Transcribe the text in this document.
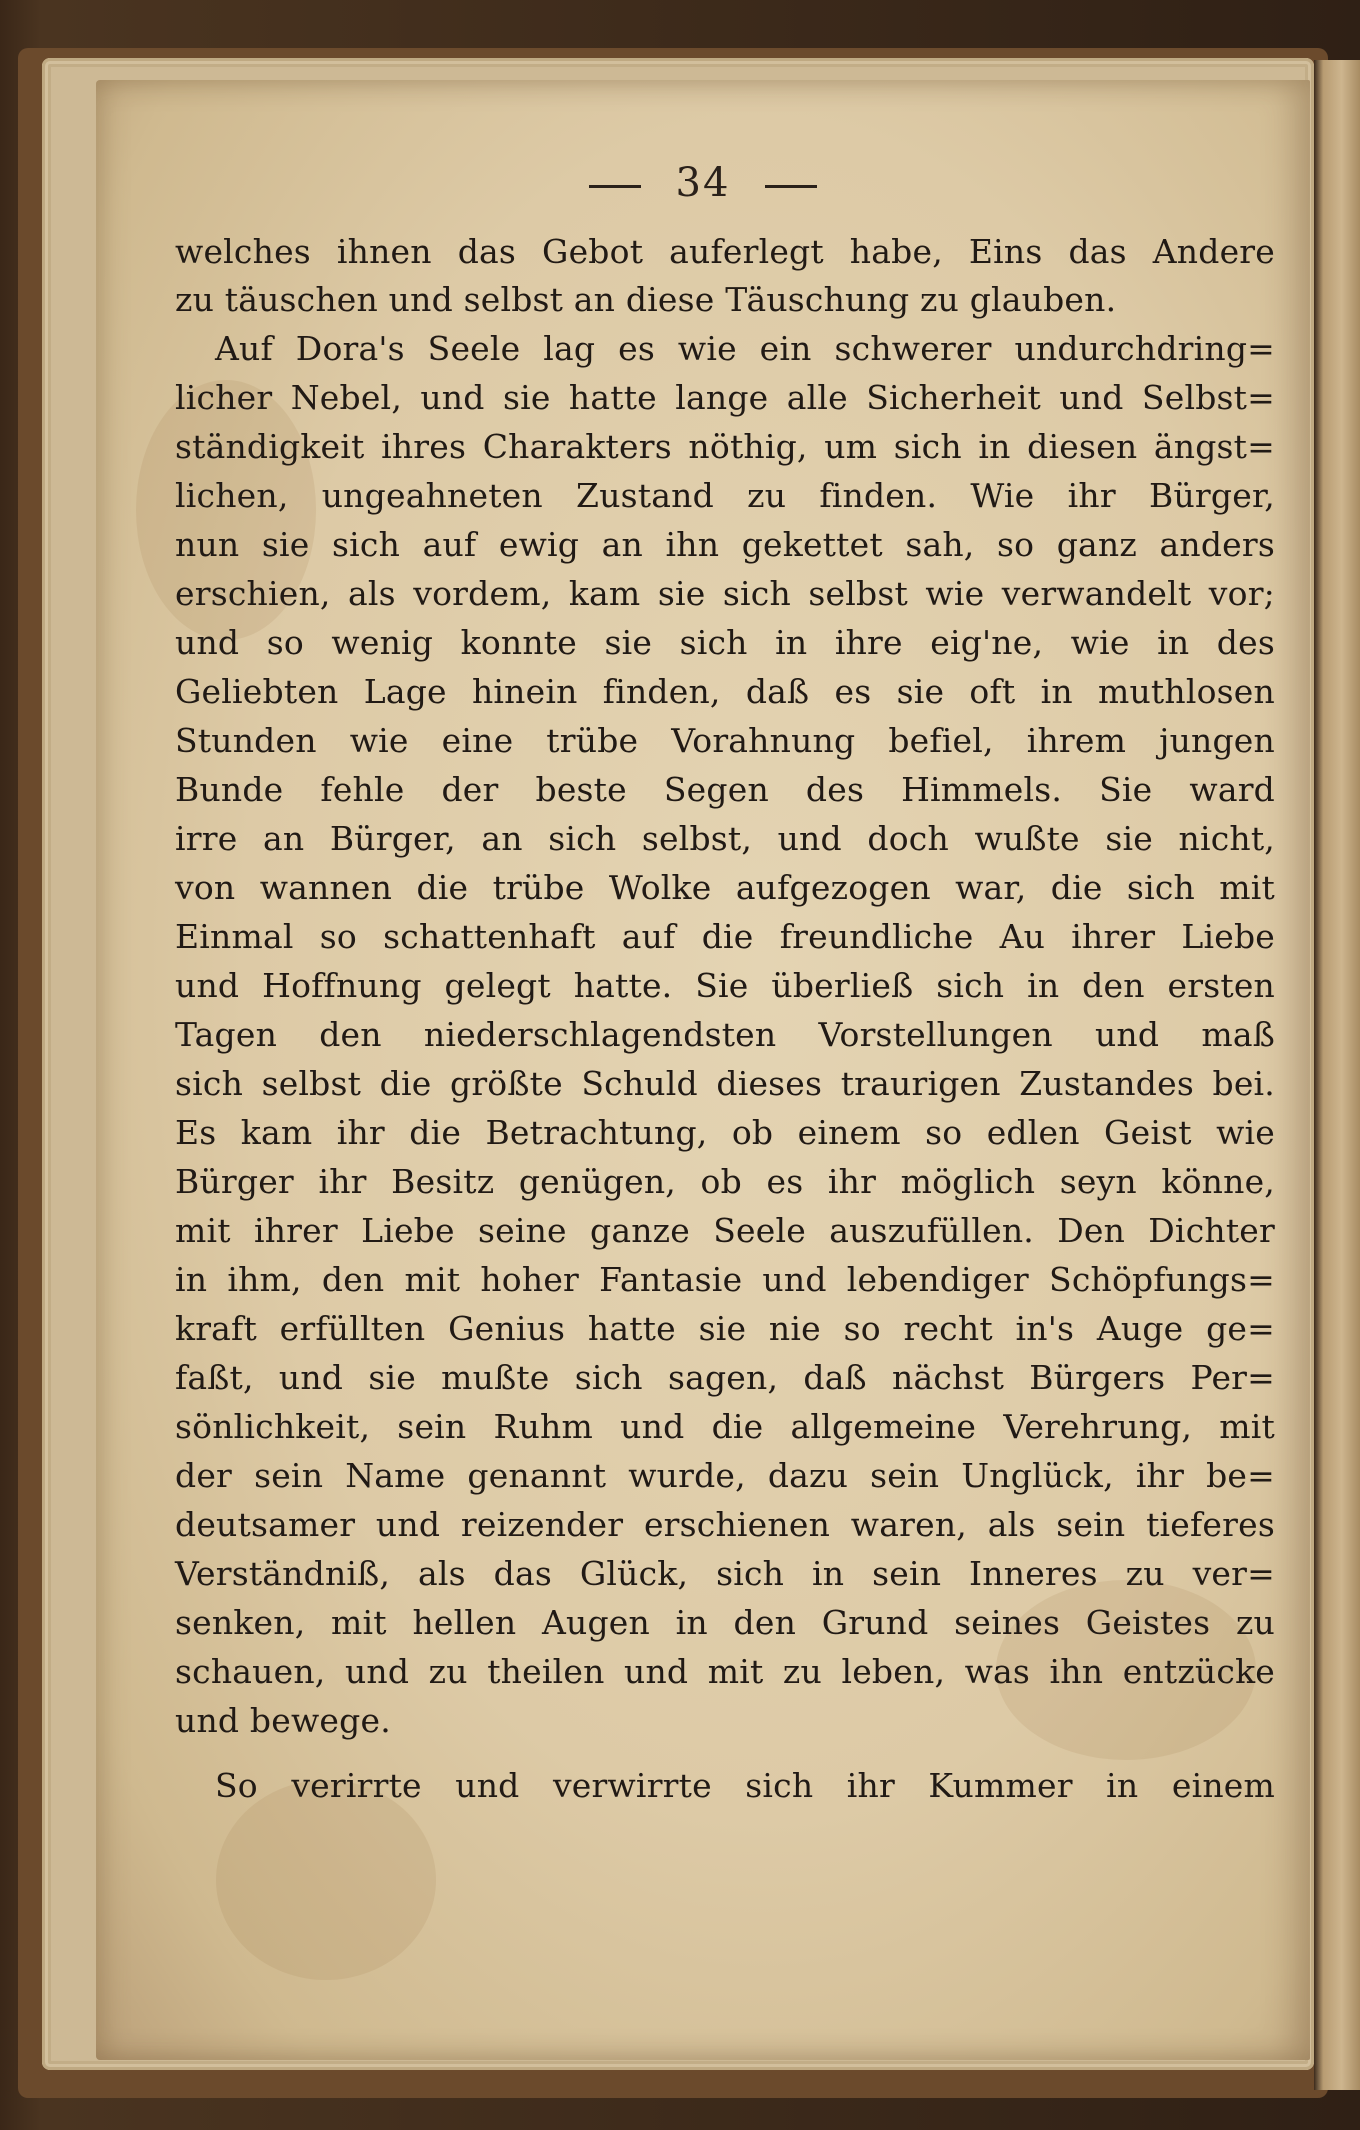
34
welches ihnen das Gebot auferlegt habe, Eins das Andere
zu täuschen und selbst an diese Täuschung zu glauben.
Auf Dora's Seele lag es wie ein schwerer undurchdring=
licher Nebel, und sie hatte lange alle Sicherheit und Selbst=
ständigkeit ihres Charakters nöthig, um sich in diesen ängst=
lichen, ungeahneten Zustand zu finden. Wie ihr Bürger,
nun sie sich auf ewig an ihn gekettet sah, so ganz anders
erschien, als vordem, kam sie sich selbst wie verwandelt vor;
und so wenig konnte sie sich in ihre eig'ne, wie in des
Geliebten Lage hinein finden, daß es sie oft in muthlosen
Stunden wie eine trübe Vorahnung befiel, ihrem jungen
Bunde fehle der beste Segen des Himmels. Sie ward
irre an Bürger, an sich selbst, und doch wußte sie nicht,
von wannen die trübe Wolke aufgezogen war, die sich mit
Einmal so schattenhaft auf die freundliche Au ihrer Liebe
und Hoffnung gelegt hatte. Sie überließ sich in den ersten
Tagen den niederschlagendsten Vorstellungen und maß
sich selbst die größte Schuld dieses traurigen Zustandes bei.
Es kam ihr die Betrachtung, ob einem so edlen Geist wie
Bürger ihr Besitz genügen, ob es ihr möglich seyn könne,
mit ihrer Liebe seine ganze Seele auszufüllen. Den Dichter
in ihm, den mit hoher Fantasie und lebendiger Schöpfungs=
kraft erfüllten Genius hatte sie nie so recht in's Auge ge=
faßt, und sie mußte sich sagen, daß nächst Bürgers Per=
sönlichkeit, sein Ruhm und die allgemeine Verehrung, mit
der sein Name genannt wurde, dazu sein Unglück, ihr be=
deutsamer und reizender erschienen waren, als sein tieferes
Verständniß, als das Glück, sich in sein Inneres zu ver=
senken, mit hellen Augen in den Grund seines Geistes zu
schauen, und zu theilen und mit zu leben, was ihn entzücke
und bewege.
So verirrte und verwirrte sich ihr Kummer in einem
